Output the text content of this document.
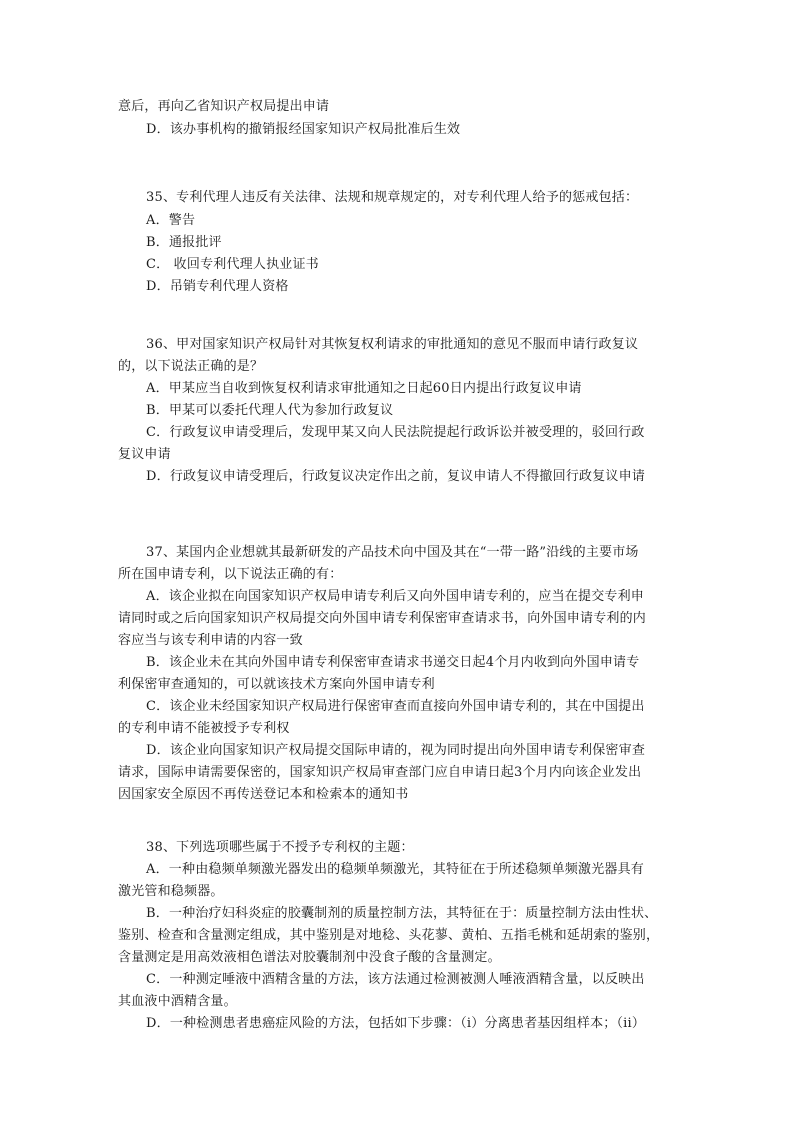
意后，再向乙省知识产权局提出申请
D．该办事机构的撤销报经国家知识产权局批准后生效
35、专利代理人违反有关法律、法规和规章规定的，对专利代理人给予的惩戒包括：
A．警告
B．通报批评
C． 收回专利代理人执业证书
D．吊销专利代理人资格
36、甲对国家知识产权局针对其恢复权利请求的审批通知的意见不服而申请行政复议
的，以下说法正确的是？
A．甲某应当自收到恢复权利请求审批通知之日起60日内提出行政复议申请
B．甲某可以委托代理人代为参加行政复议
C．行政复议申请受理后，发现甲某又向人民法院提起行政诉讼并被受理的，驳回行政
复议申请
D．行政复议申请受理后，行政复议决定作出之前，复议申请人不得撤回行政复议申请
37、某国内企业想就其最新研发的产品技术向中国及其在“一带一路”沿线的主要市场
所在国申请专利，以下说法正确的有：
A．该企业拟在向国家知识产权局申请专利后又向外国申请专利的，应当在提交专利申
请同时或之后向国家知识产权局提交向外国申请专利保密审查请求书，向外国申请专利的内
容应当与该专利申请的内容一致
B．该企业未在其向外国申请专利保密审查请求书递交日起4个月内收到向外国申请专
利保密审查通知的，可以就该技术方案向外国申请专利
C．该企业未经国家知识产权局进行保密审查而直接向外国申请专利的，其在中国提出
的专利申请不能被授予专利权
D．该企业向国家知识产权局提交国际申请的，视为同时提出向外国申请专利保密审查
请求，国际申请需要保密的，国家知识产权局审查部门应自申请日起3个月内向该企业发出
因国家安全原因不再传送登记本和检索本的通知书
38、下列选项哪些属于不授予专利权的主题：
A．一种由稳频单频激光器发出的稳频单频激光，其特征在于所述稳频单频激光器具有
激光管和稳频器。
B．一种治疗妇科炎症的胶囊制剂的质量控制方法，其特征在于：质量控制方法由性状、
鉴别、检查和含量测定组成，其中鉴别是对地稔、头花蓼、黄柏、五指毛桃和延胡索的鉴别，
含量测定是用高效液相色谱法对胶囊制剂中没食子酸的含量测定。
C．一种测定唾液中酒精含量的方法，该方法通过检测被测人唾液酒精含量，以反映出
其血液中酒精含量。
D．一种检测患者患癌症风险的方法，包括如下步骤：（i）分离患者基因组样本；（ii）
